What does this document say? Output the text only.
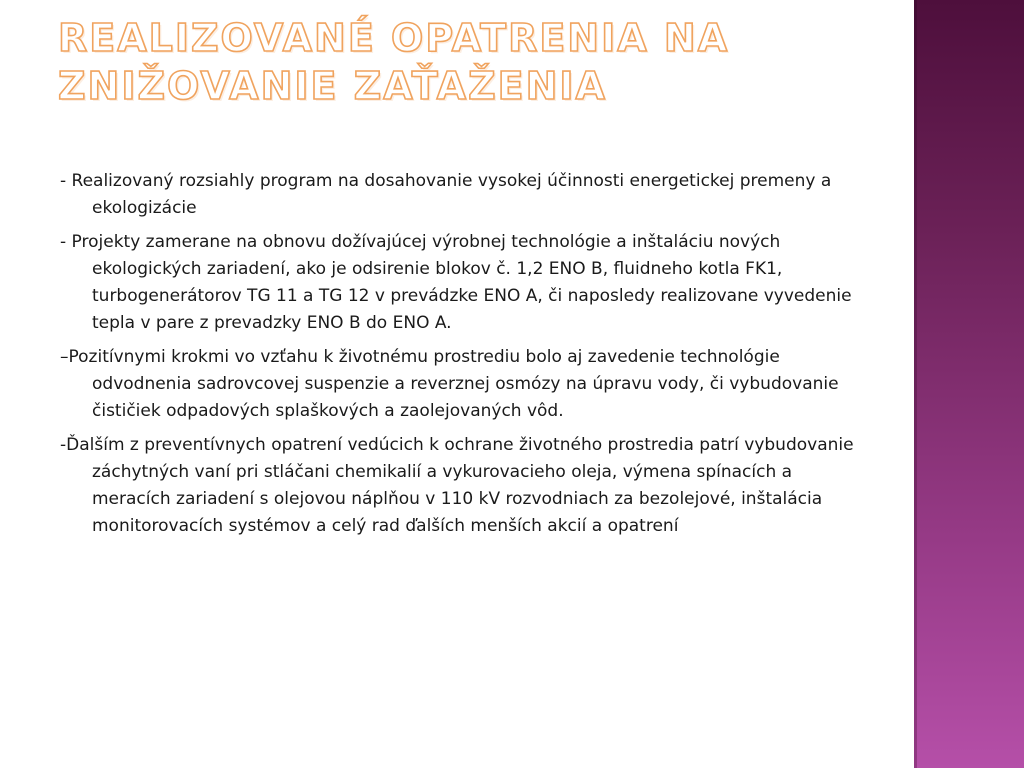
REALIZOVANÉ OPATRENIA NA
ZNIŽOVANIE ZAŤAŽENIA

- Realizovaný rozsiahly program na dosahovanie vysokej účinnosti energetickej premeny a ekologizácie

- Projekty zamerane na obnovu dožívajúcej výrobnej technológie a inštaláciu nových ekologických zariadení, ako je odsirenie blokov č. 1,2 ENO B, fluidneho kotla FK1, turbogenerátorov TG 11 a TG 12 v prevádzke ENO A, či naposledy realizovane vyvedenie tepla v pare z prevadzky ENO B do ENO A.

–Pozitívnymi krokmi vo vzťahu k životnému prostrediu bolo aj zavedenie technológie odvodnenia sadrovcovej suspenzie a reverznej osmózy na úpravu vody, či vybudovanie čističiek odpadových splaškových a zaolejovaných vôd.

-Ďalším z preventívnych opatrení vedúcich k ochrane životného prostredia patrí vybudovanie záchytných vaní pri stláčani chemikalií a vykurovacieho oleja, výmena spínacích a meracích zariadení s olejovou náplňou v 110 kV rozvodniach za bezolejové, inštalácia monitorovacích systémov a celý rad ďalších menších akcií a opatrení
